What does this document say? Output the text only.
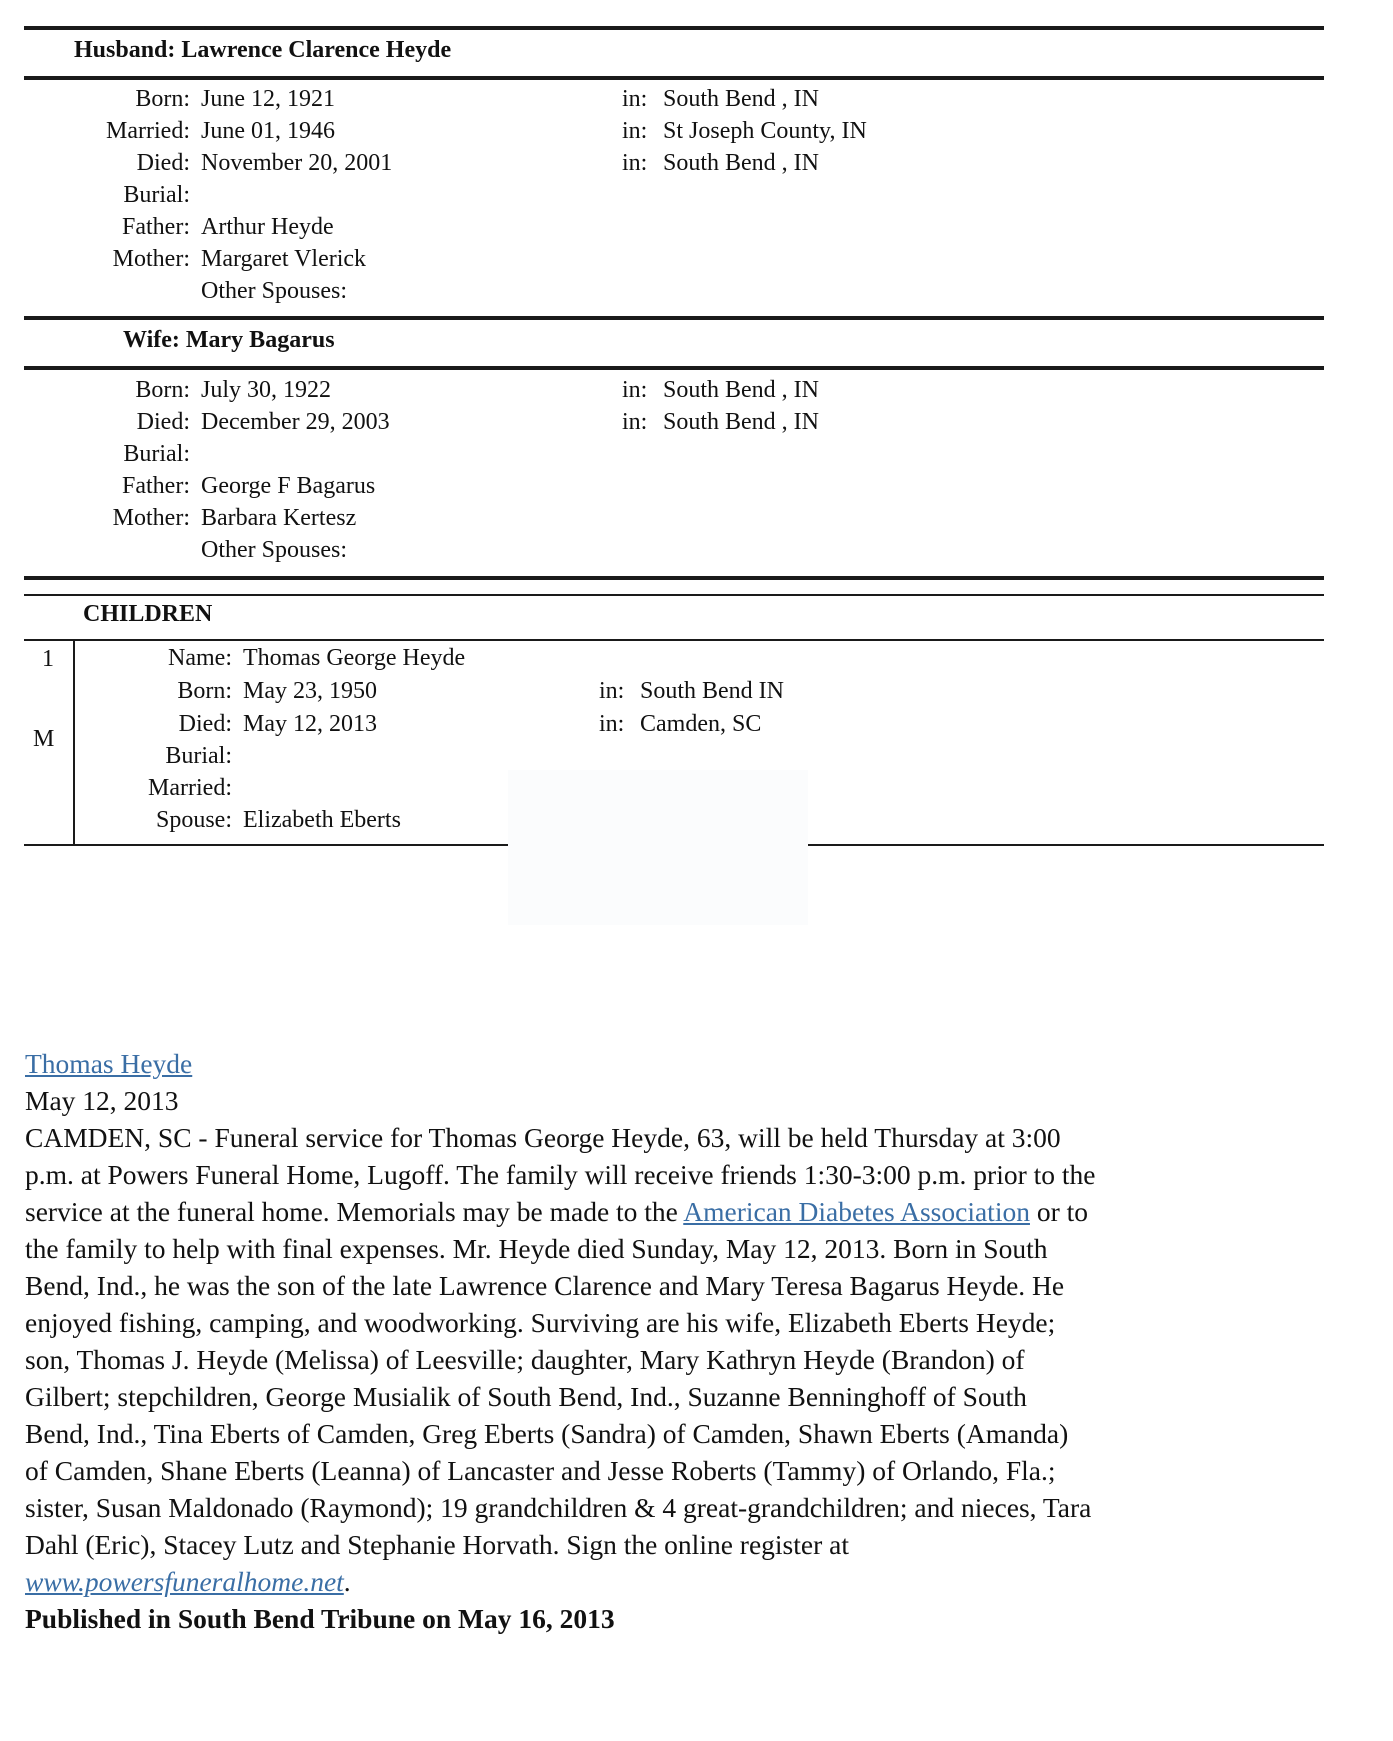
Husband: Lawrence Clarence Heyde
Born: June 12, 1921	in: South Bend , IN
Married: June 01, 1946	in: St Joseph County, IN
Died: November 20, 2001	in: South Bend , IN
Burial:
Father: Arthur Heyde
Mother: Margaret Vlerick
Other Spouses:
Wife: Mary Bagarus
Born: July 30, 1922	in: South Bend , IN
Died: December 29, 2003	in: South Bend , IN
Burial:
Father: George F Bagarus
Mother: Barbara Kertesz
Other Spouses:
CHILDREN
1
M
Name: Thomas George Heyde
Born: May 23, 1950	in: South Bend IN
Died: May 12, 2013	in: Camden, SC
Burial:
Married:
Spouse: Elizabeth Eberts
Thomas Heyde
May 12, 2013
CAMDEN, SC - Funeral service for Thomas George Heyde, 63, will be held Thursday at 3:00
p.m. at Powers Funeral Home, Lugoff. The family will receive friends 1:30-3:00 p.m. prior to the
service at the funeral home. Memorials may be made to the American Diabetes Association or to
the family to help with final expenses. Mr. Heyde died Sunday, May 12, 2013. Born in South
Bend, Ind., he was the son of the late Lawrence Clarence and Mary Teresa Bagarus Heyde. He
enjoyed fishing, camping, and woodworking. Surviving are his wife, Elizabeth Eberts Heyde;
son, Thomas J. Heyde (Melissa) of Leesville; daughter, Mary Kathryn Heyde (Brandon) of
Gilbert; stepchildren, George Musialik of South Bend, Ind., Suzanne Benninghoff of South
Bend, Ind., Tina Eberts of Camden, Greg Eberts (Sandra) of Camden, Shawn Eberts (Amanda)
of Camden, Shane Eberts (Leanna) of Lancaster and Jesse Roberts (Tammy) of Orlando, Fla.;
sister, Susan Maldonado (Raymond); 19 grandchildren & 4 great-grandchildren; and nieces, Tara
Dahl (Eric), Stacey Lutz and Stephanie Horvath. Sign the online register at
www.powersfuneralhome.net.
Published in South Bend Tribune on May 16, 2013
